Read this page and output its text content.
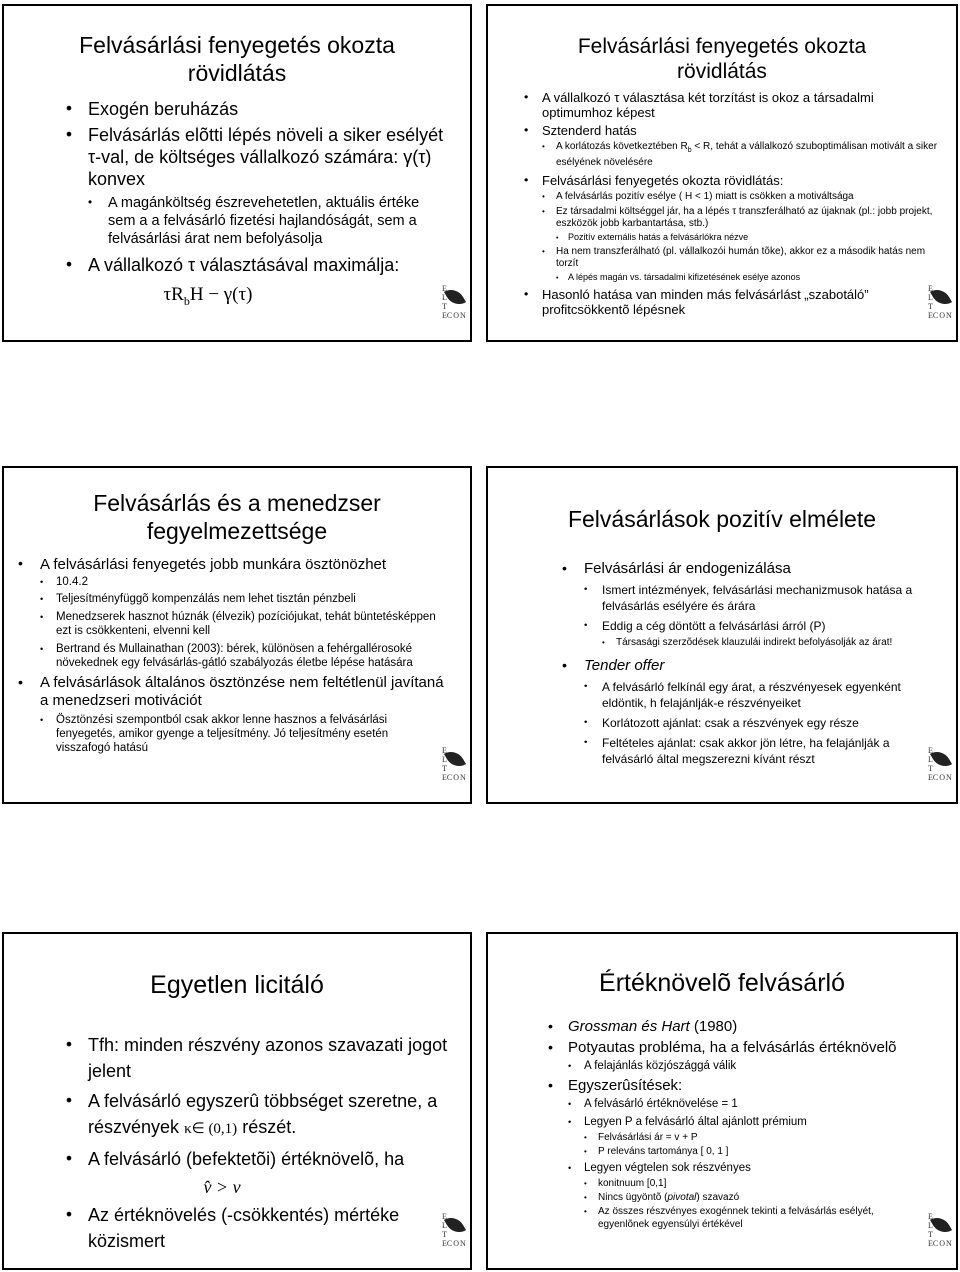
Felvásárlási fenyegetés okozta
rövidlátás
• Exogén beruházás
• Felvásárlás elõtti lépés növeli a siker esélyét τ-val, de költséges vállalkozó számára: γ(τ) konvex
• A magánköltség észrevehetetlen, aktuális értéke sem a a felvásárló fizetési hajlandóságát, sem a felvásárlási árat nem befolyásolja
• A vállalkozó τ választásával maximálja:
$\tau R_bH - \gamma(\tau)$	E
L
T
ECON
Felvásárlási fenyegetés okozta
rövidlátás
• A vállalkozó τ választása két torzítást is okoz a társadalmi optimumhoz képest
• Sztenderd hatás
• A korlátozás következtében $R_b < R$, tehát a vállalkozó szuboptimálisan motivált a siker esélyének növelésére
• Felvásárlási fenyegetés okozta rövidlátás:
• A felvásárlás pozitív esélye ( H < 1) miatt is csökken a motiváltsága
• Ez társadalmi költséggel jár, ha a lépés τ transzferálható az újaknak (pl.: jobb projekt, eszközök jobb karbantartása, stb.)
• Pozitív externális hatás a felvásárlókra nézve
• Ha nem transzferálható (pl. vállalkozói humán tõke), akkor ez a második hatás nem torzít
• A lépés magán vs. társadalmi kifizetésének esélye azonos
• Hasonló hatása van minden más felvásárlást „szabotáló” profitcsökkentõ lépésnek
E
L
T
ECON
Felvásárlás és a menedzser
fegyelmezettsége
• A felvásárlási fenyegetés jobb munkára ösztönözhet
• 10.4.2
• Teljesítményfüggõ kompenzálás nem lehet tisztán pénzbeli
• Menedzserek hasznot húznák (élvezik) pozíciójukat, tehát büntetésképpen ezt is csökkenteni, elvenni kell
• Bertrand és Mullainathan (2003): bérek, különösen a fehérgallérosoké növekednek egy felvásárlás-gátló szabályozás életbe lépése hatására
• A felvásárlások általános ösztönzése nem feltétlenül javítaná a menedzseri motivációt
• Ösztönzési szempontból csak akkor lenne hasznos a felvásárlási fenyegetés, amikor gyenge a teljesítmény. Jó teljesítmény esetén visszafogó hatású	E
L
T
ECON
Felvásárlások pozitív elmélete
• Felvásárlási ár endogenizálása
• Ismert intézmények, felvásárlási mechanizmusok hatása a felvásárlás esélyére és árára
• Eddig a cég döntött a felvásárlási árról (P)
• Társasági szerzõdések klauzulái indirekt befolyásolják az árat!
• Tender offer
• A felvásárló felkínál egy árat, a részvényesek egyenként eldöntik, h felajánlják-e részvényeiket
• Korlátozott ajánlat: csak a részvények egy része
• Feltételes ajánlat: csak akkor jön létre, ha felajánlják a felvásárló által megszerezni kívánt részt
E
L
T
ECON
Egyetlen licitáló
• Tfh: minden részvény azonos szavazati jogot jelent
• A felvásárló egyszerû többséget szeretne, a részvények κ∈ (0,1) részét.
• A felvásárló (befektetõi) értéknövelõ, ha
v̂ > v
• Az értéknövelés (-csökkentés) mértéke közismert
E
L
T
ECON
Értéknövelõ felvásárló
• Grossman és Hart (1980)
• Potyautas probléma, ha a felvásárlás értéknövelõ
• A felajánlás közjószággá válik
• Egyszerûsítések:
• A felvásárló értéknövelése = 1
• Legyen P a felvásárló által ajánlott prémium
• Felvásárlási ár = v + P
• P releváns tartománya [ 0, 1 ]
• Legyen végtelen sok részvényes
• konitnuum [0,1]
• Nincs ügyöntõ (pivotal) szavazó
• Az összes részvényes exogénnek tekinti a felvásárlás esélyét, egyenlõnek egyensúlyi értékével
E
L
T
ECON
